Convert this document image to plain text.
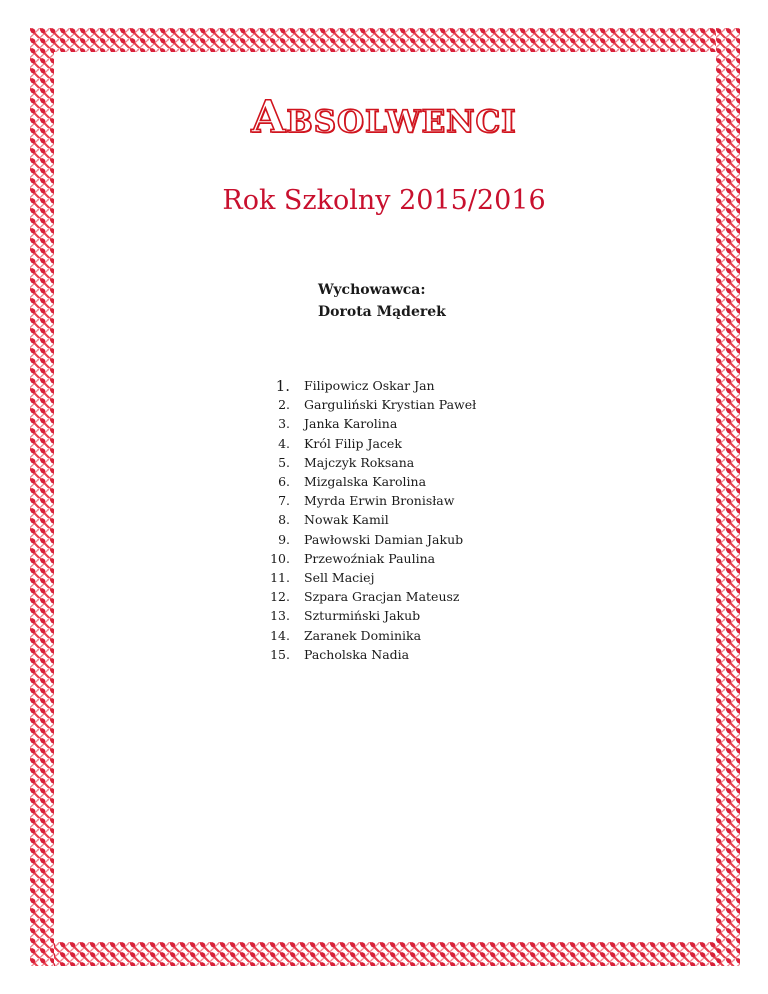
Absolwenci
Rok Szkolny 2015/2016
Wychowawca:
Dorota Mąderek
1.	Filipowicz Oskar Jan
2.	Garguliński Krystian Paweł
3.	Janka Karolina
4.	Król Filip Jacek
5.	Majczyk Roksana
6.	Mizgalska Karolina
7.	Myrda Erwin Bronisław
8.	Nowak Kamil
9.	Pawłowski Damian Jakub
10.	Przewoźniak Paulina
11.	Sell Maciej
12.	Szpara Gracjan Mateusz
13.	Szturmiński Jakub
14.	Zaranek Dominika
15.	Pacholska Nadia
